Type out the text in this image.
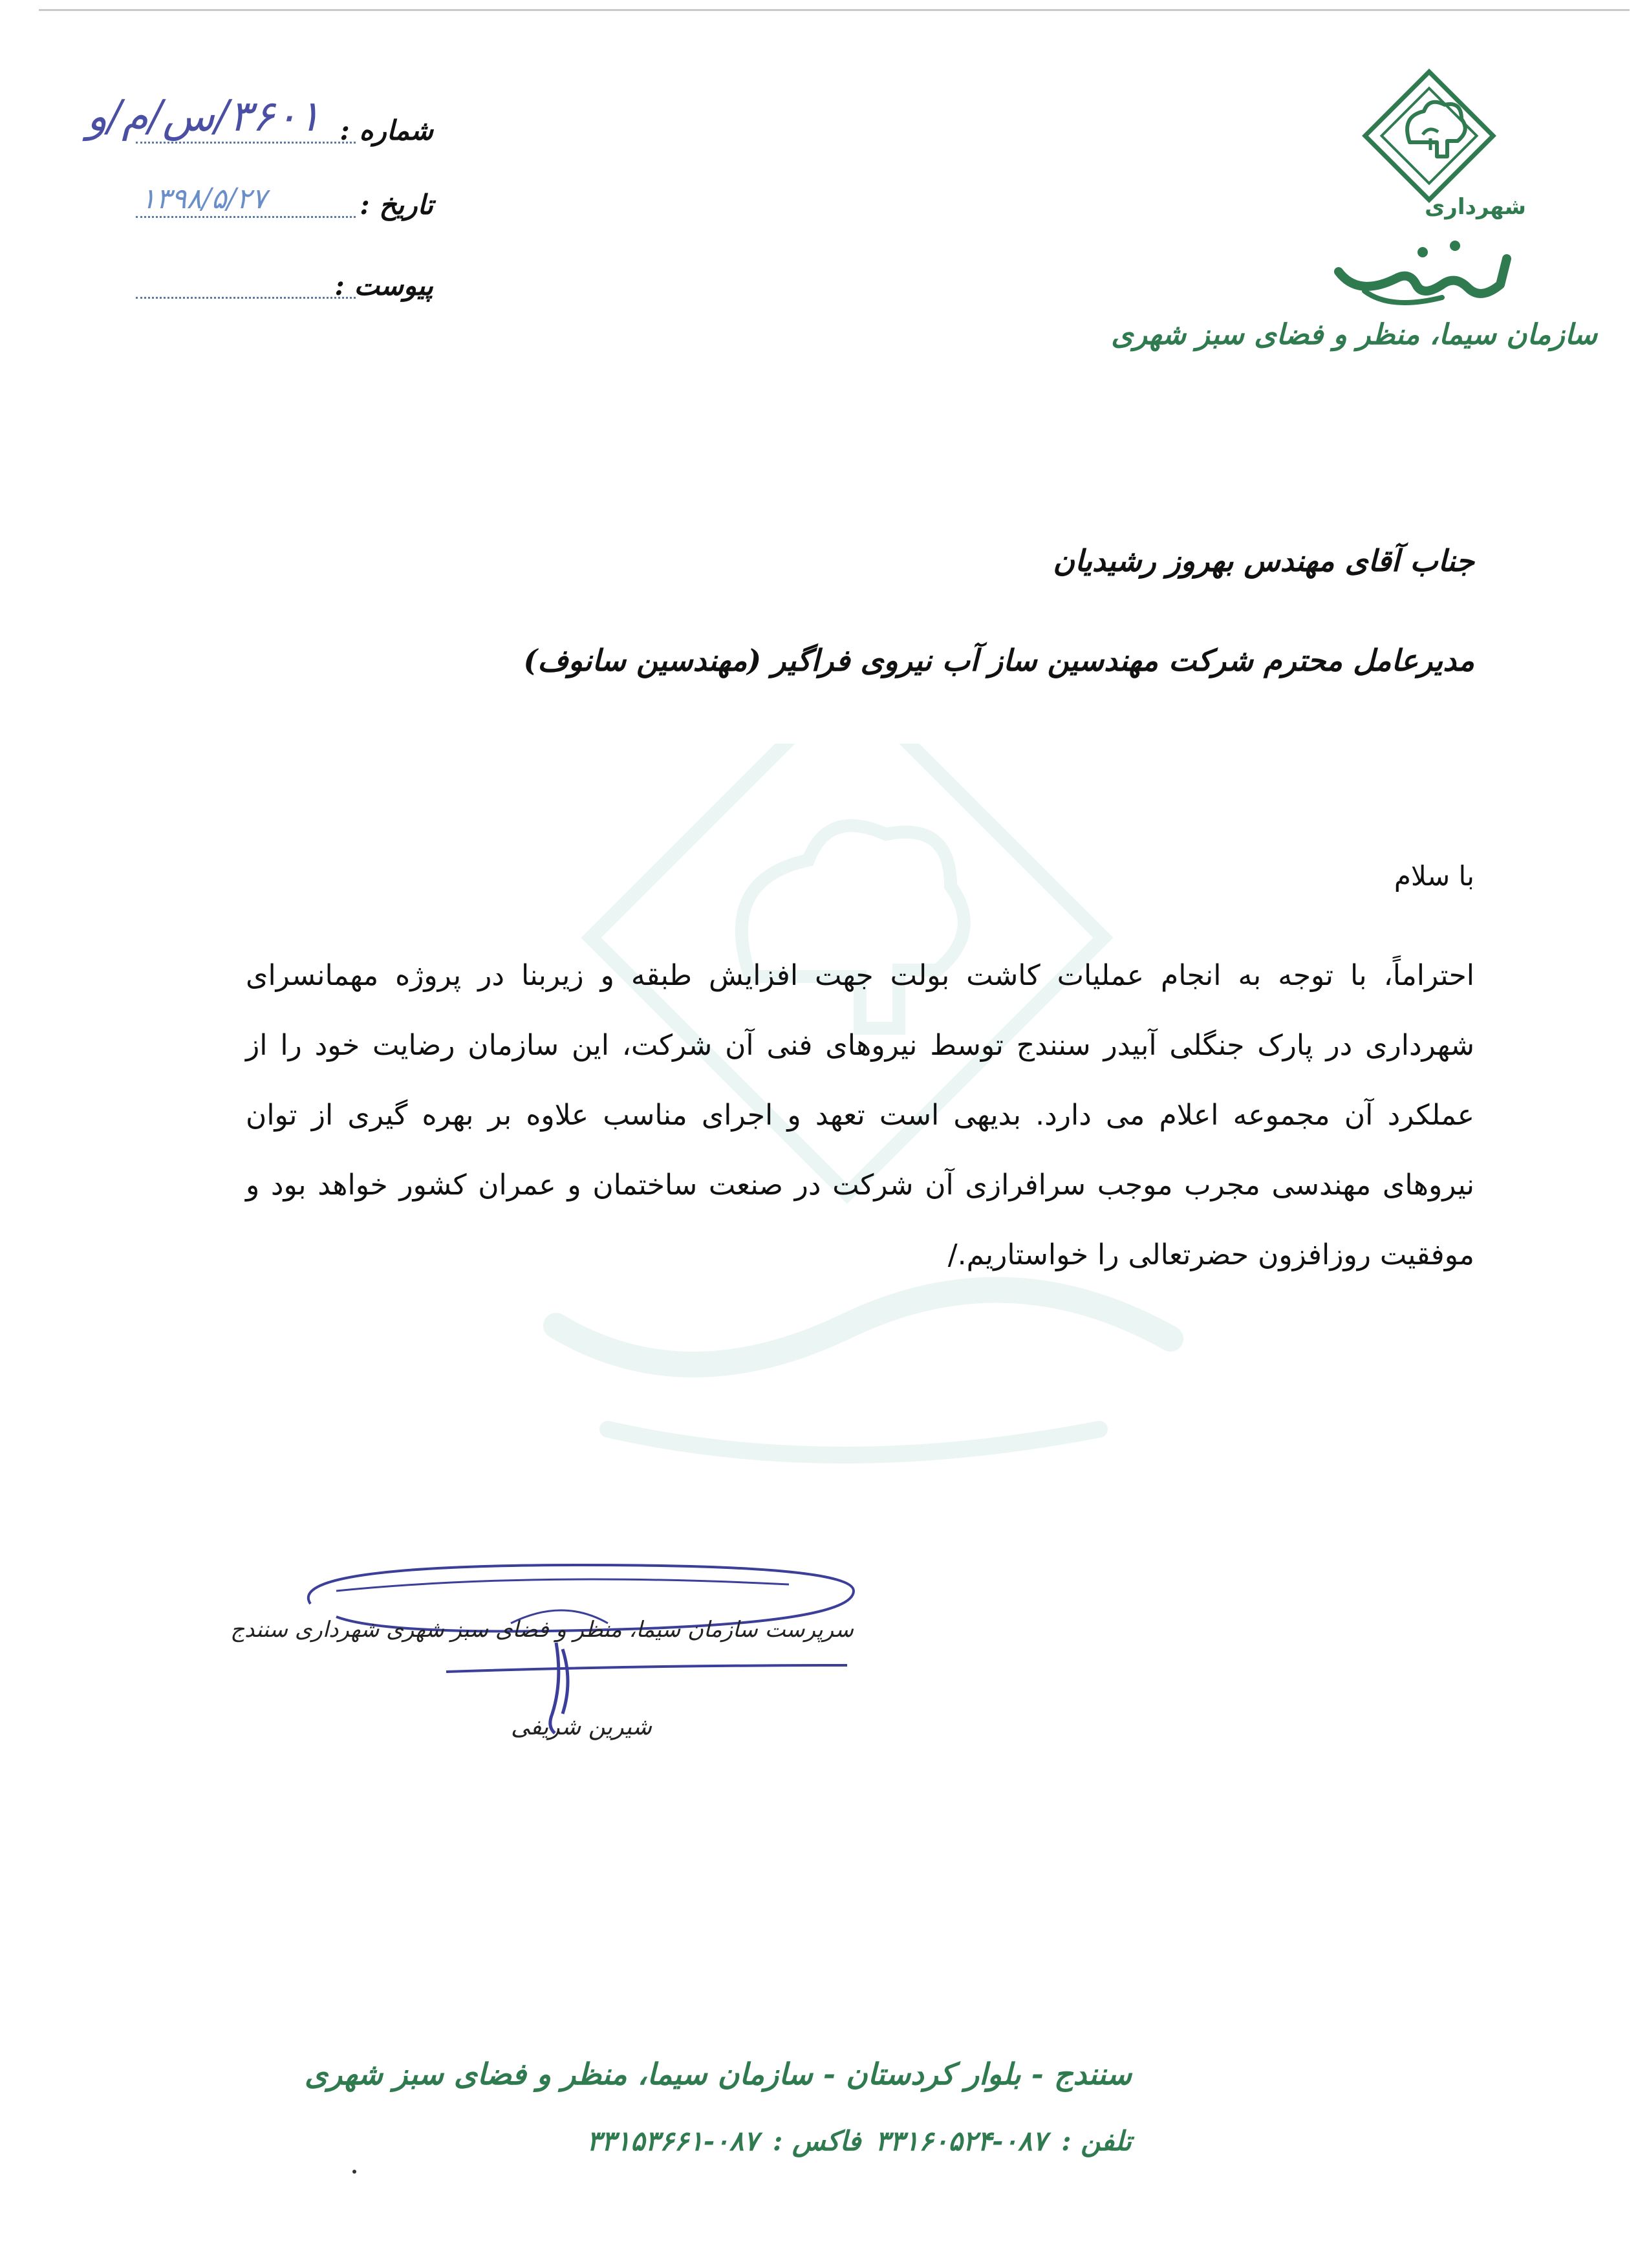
شهرداری
سازمان سیما، منظر و فضای سبز شهری
شماره :
۳۶۰۱/س/م/و
تاریخ :
۱۳۹۸/۵/۲۷
پیوست :
جناب آقای مهندس بهروز رشیدیان
مدیرعامل محترم شرکت مهندسین ساز آب نیروی فراگیر (مهندسین سانوف)
با سلام
احتراماً، با توجه به انجام عملیات کاشت بولت جهت افزایش طبقه و زیربنا در پروژه مهمانسرای شهرداری در پارک جنگلی آبیدر سنندج توسط نیروهای فنی آن شرکت، این سازمان رضایت خود را از عملکرد آن مجموعه اعلام می دارد. بدیهی است تعهد و اجرای مناسب علاوه بر بهره گیری از توان نیروهای مهندسی مجرب موجب سرافرازی آن شرکت در صنعت ساختمان و عمران کشور خواهد بود و موفقیت روزافزون حضرتعالی را خواستاریم./
سرپرست سازمان سیما، منظر و فضای سبز شهری شهرداری سنندج
شیرین شریفی
سنندج - بلوار کردستان - سازمان سیما، منظر و فضای سبز شهری
تلفن :۰۸۷-۳۳۱۶۰۵۲۴فاکس :۰۸۷-۳۳۱۵۳۶۶۱
